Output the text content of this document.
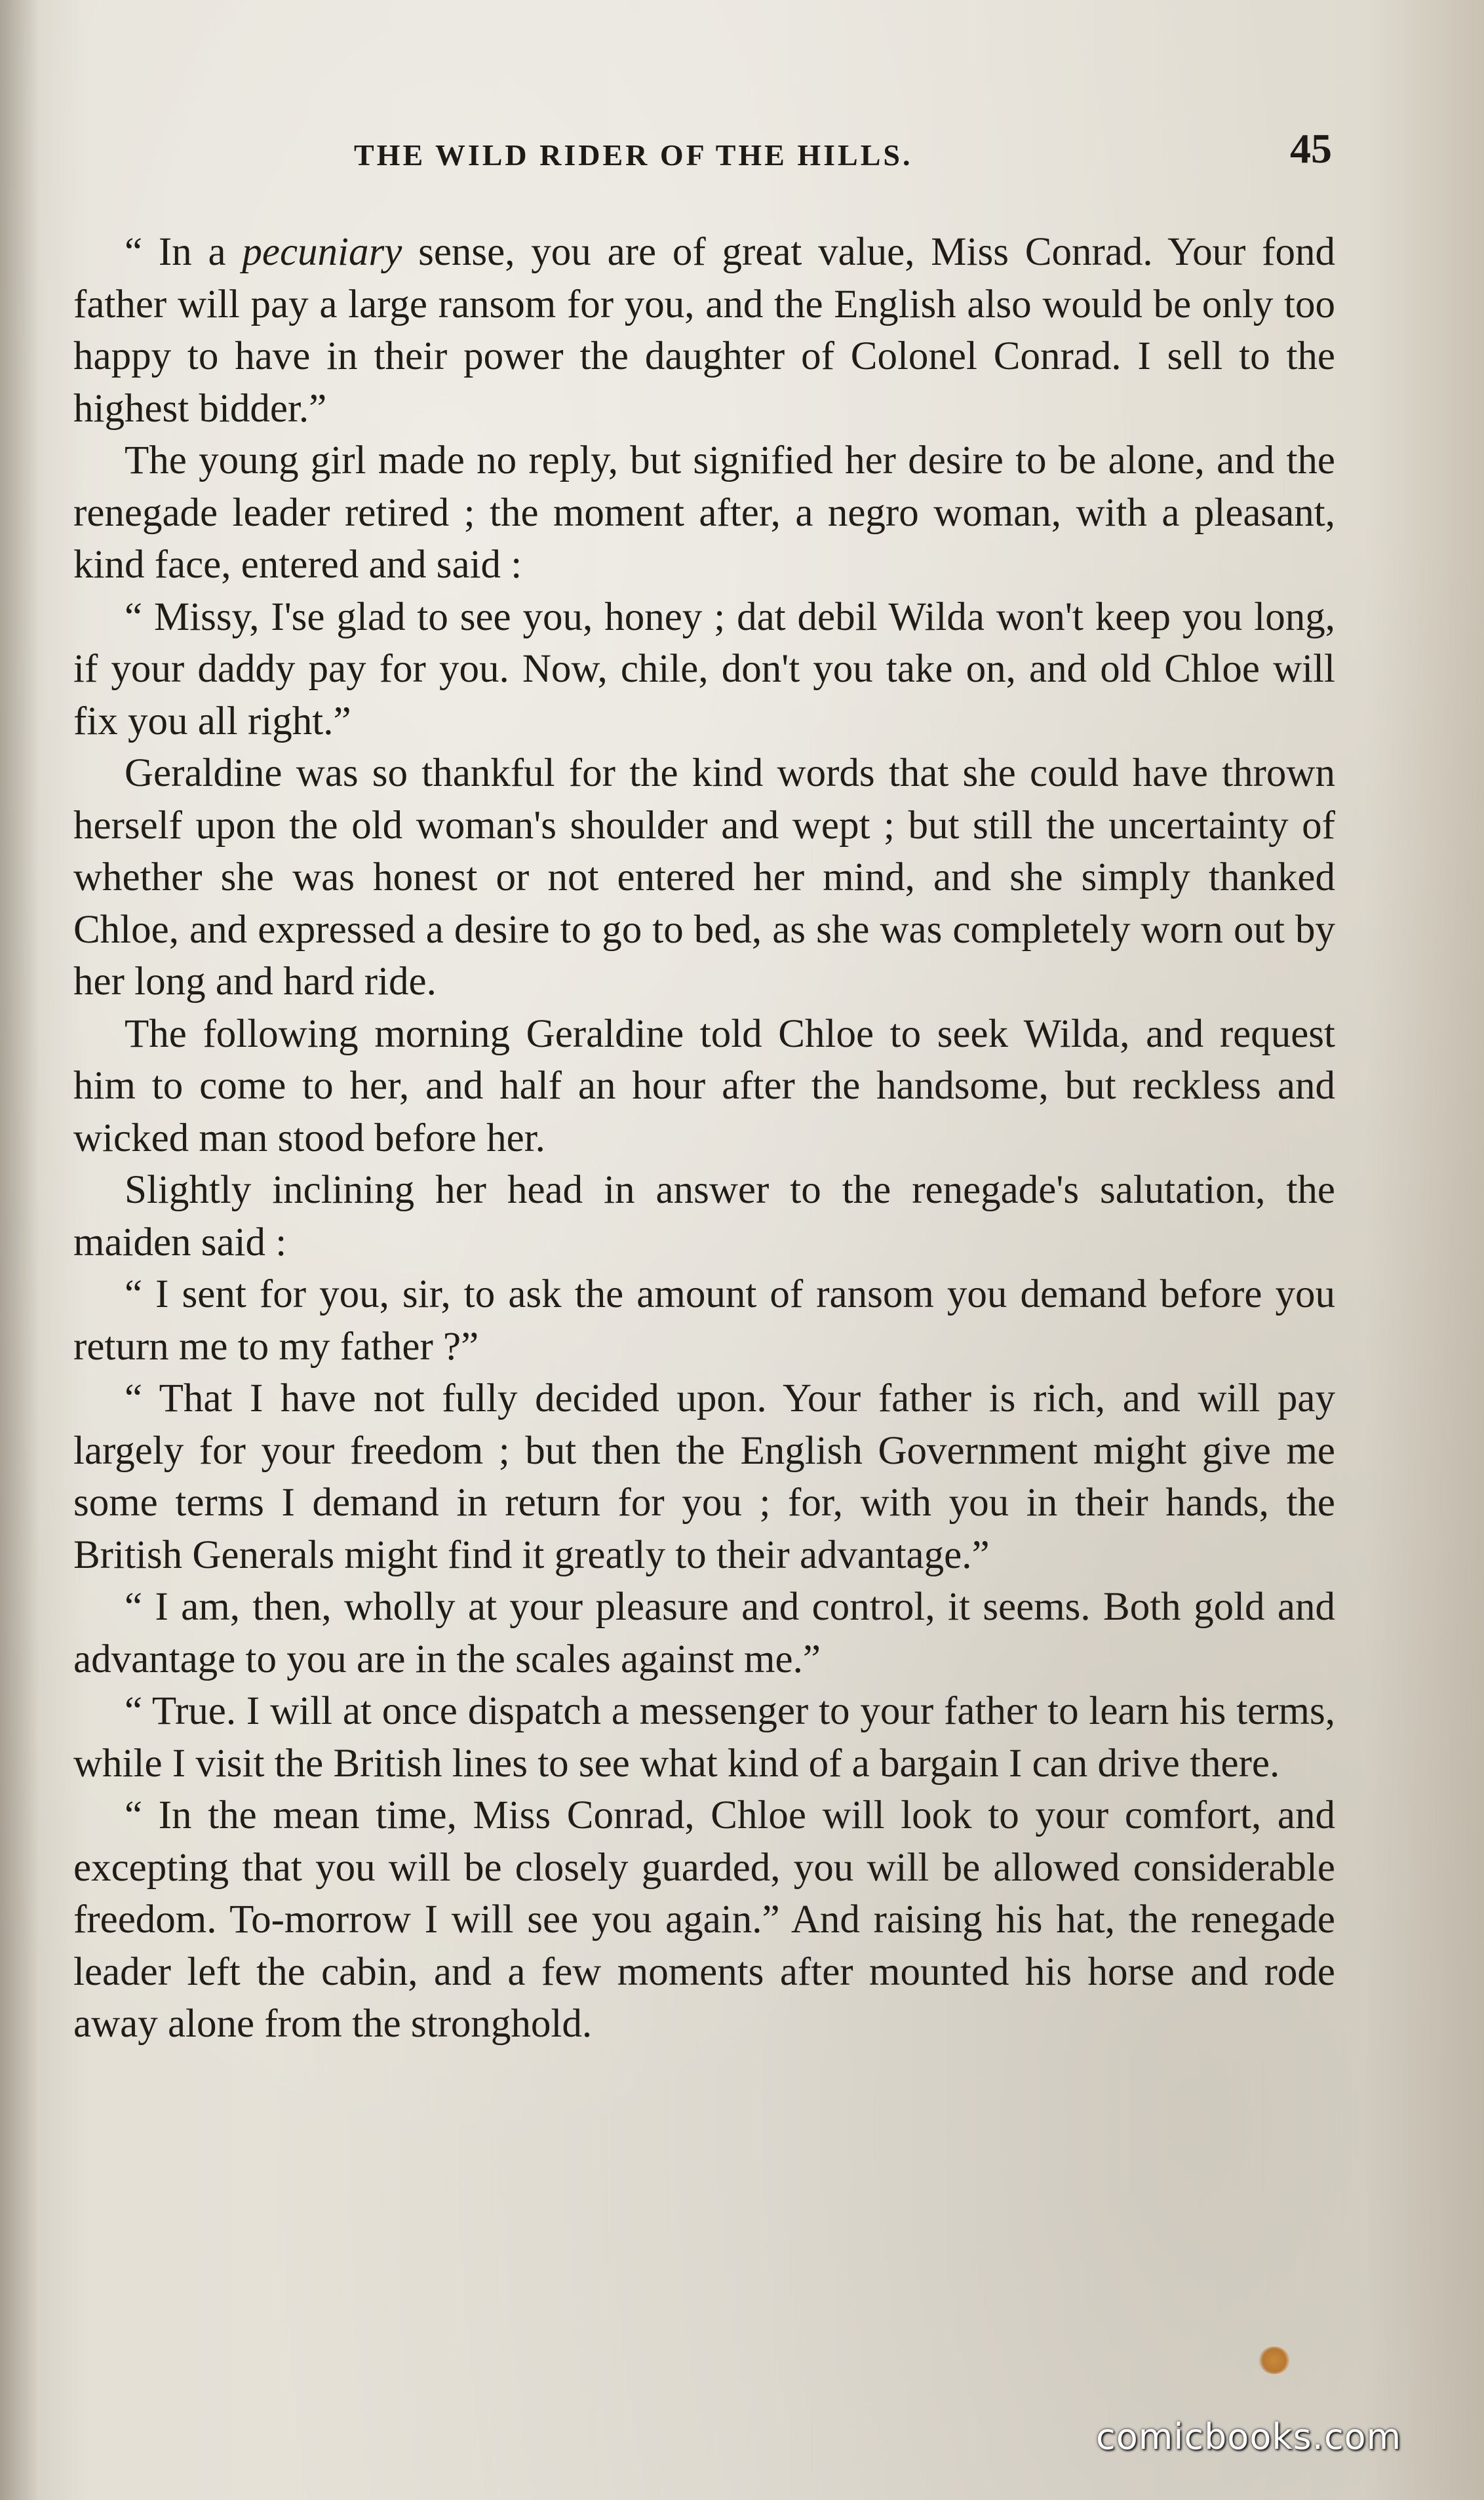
THE WILD RIDER OF THE HILLS.	45

“ In a pecuniary sense, you are of great value, Miss Conrad. Your fond father will pay a large ransom for you, and the English also would be only too happy to have in their power the daughter of Colonel Conrad. I sell to the highest bidder.”

The young girl made no reply, but signified her desire to be alone, and the renegade leader retired ; the moment after, a negro woman, with a pleasant, kind face, entered and said :

“ Missy, I'se glad to see you, honey ; dat debil Wilda won't keep you long, if your daddy pay for you. Now, chile, don't you take on, and old Chloe will fix you all right.”

Geraldine was so thankful for the kind words that she could have thrown herself upon the old woman's shoulder and wept ; but still the uncertainty of whether she was honest or not entered her mind, and she simply thanked Chloe, and expressed a desire to go to bed, as she was completely worn out by her long and hard ride.

The following morning Geraldine told Chloe to seek Wilda, and request him to come to her, and half an hour after the handsome, but reckless and wicked man stood before her.

Slightly inclining her head in answer to the renegade's salutation, the maiden said :

“ I sent for you, sir, to ask the amount of ransom you demand before you return me to my father ?”

“ That I have not fully decided upon. Your father is rich, and will pay largely for your freedom ; but then the English Government might give me some terms I demand in return for you ; for, with you in their hands, the British Generals might find it greatly to their advantage.”

“ I am, then, wholly at your pleasure and control, it seems. Both gold and advantage to you are in the scales against me.”

“ True. I will at once dispatch a messenger to your father to learn his terms, while I visit the British lines to see what kind of a bargain I can drive there.

“ In the mean time, Miss Conrad, Chloe will look to your comfort, and excepting that you will be closely guarded, you will be allowed considerable freedom. To-morrow I will see you again.” And raising his hat, the renegade leader left the cabin, and a few moments after mounted his horse and rode away alone from the stronghold.

comicbooks.com
